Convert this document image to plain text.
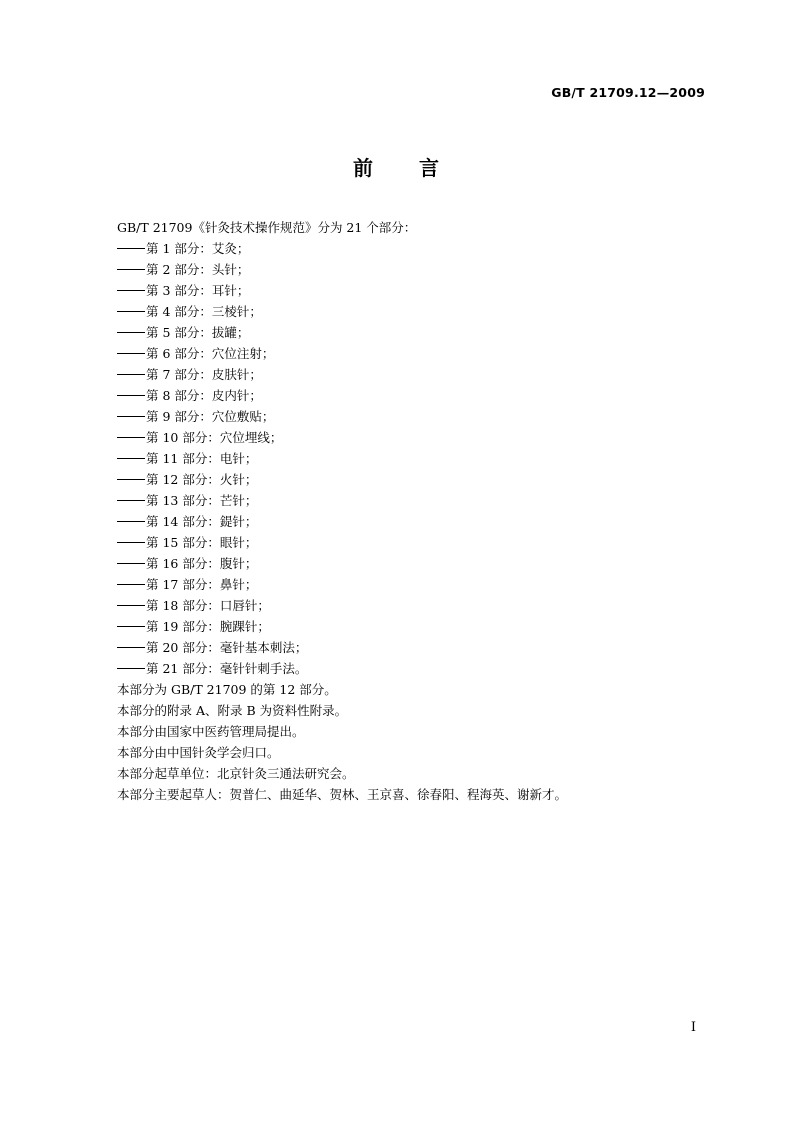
GB/T 21709.12—2009
前　　言
GB/T 21709《针灸技术操作规范》分为 21 个部分：
第 1 部分：艾灸；
第 2 部分：头针；
第 3 部分：耳针；
第 4 部分：三棱针；
第 5 部分：拔罐；
第 6 部分：穴位注射；
第 7 部分：皮肤针；
第 8 部分：皮内针；
第 9 部分：穴位敷贴；
第 10 部分：穴位埋线；
第 11 部分：电针；
第 12 部分：火针；
第 13 部分：芒针；
第 14 部分：鍉针；
第 15 部分：眼针；
第 16 部分：腹针；
第 17 部分：鼻针；
第 18 部分：口唇针；
第 19 部分：腕踝针；
第 20 部分：毫针基本刺法；
第 21 部分：毫针针刺手法。
本部分为 GB/T 21709 的第 12 部分。
本部分的附录 A、附录 B 为资料性附录。
本部分由国家中医药管理局提出。
本部分由中国针灸学会归口。
本部分起草单位：北京针灸三通法研究会。
本部分主要起草人：贺普仁、曲延华、贺林、王京喜、徐春阳、程海英、谢新才。
I
